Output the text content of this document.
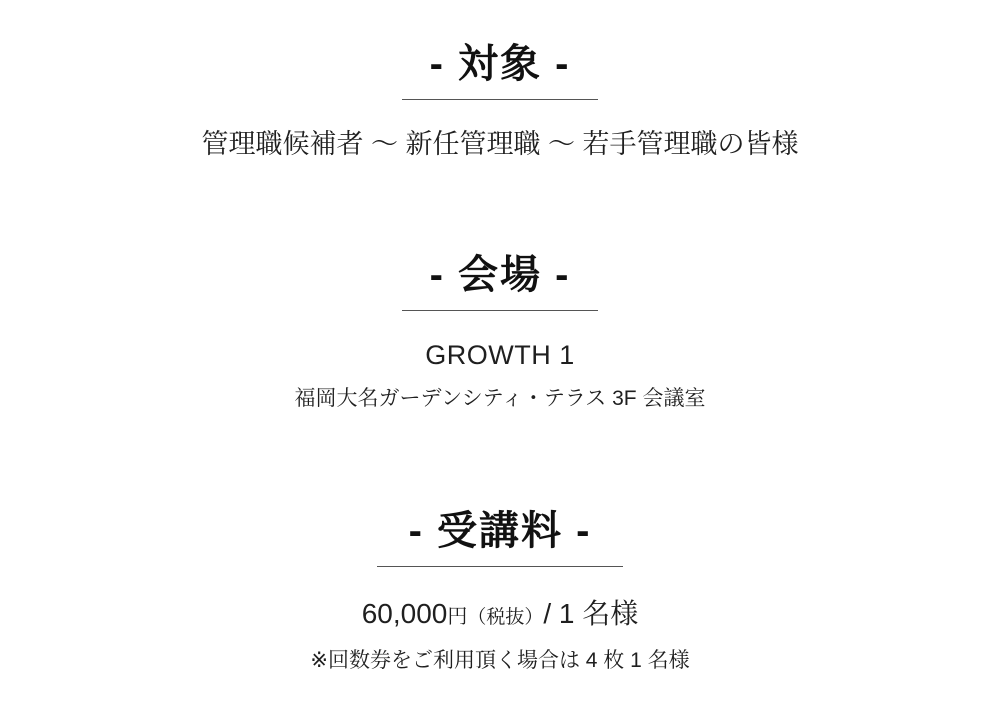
- 対象 -
管理職候補者 〜 新任管理職 〜 若手管理職の皆様
- 会場 -
GROWTH 1
福岡大名ガーデンシティ・テラス 3F 会議室
- 受講料 -
60,000円（税抜）/ 1 名様
※回数券をご利用頂く場合は 4 枚 1 名様
